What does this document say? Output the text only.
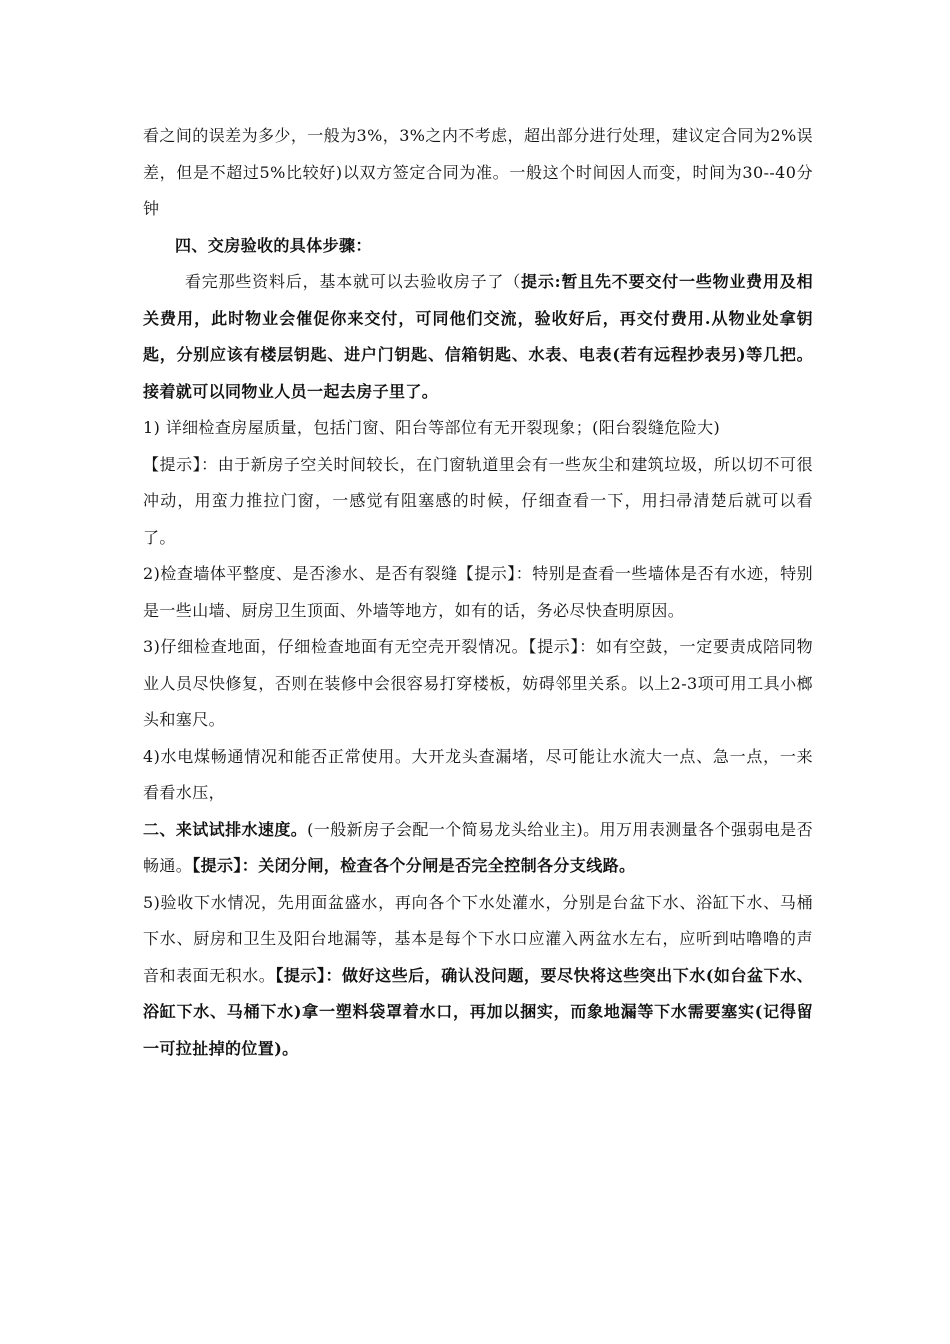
看之间的误差为多少，一般为3%，3%之内不考虑，超出部分进行处理，建议定合同为2%误差，但是不超过5%比较好)以双方签定合同为准。一般这个时间因人而变，时间为30--40分钟

四、交房验收的具体步骤：

看完那些资料后，基本就可以去验收房子了（提示:暂且先不要交付一些物业费用及相关费用，此时物业会催促你来交付，可同他们交流，验收好后，再交付费用.从物业处拿钥匙，分别应该有楼层钥匙、进户门钥匙、信箱钥匙、水表、电表(若有远程抄表另)等几把。接着就可以同物业人员一起去房子里了。

1) 详细检查房屋质量，包括门窗、阳台等部位有无开裂现象；(阳台裂缝危险大)

【提示】：由于新房子空关时间较长，在门窗轨道里会有一些灰尘和建筑垃圾，所以切不可很冲动，用蛮力推拉门窗，一感觉有阻塞感的时候，仔细查看一下，用扫帚清楚后就可以看了。

2)检查墙体平整度、是否渗水、是否有裂缝【提示】：特别是查看一些墙体是否有水迹，特别是一些山墙、厨房卫生顶面、外墙等地方，如有的话，务必尽快查明原因。

3)仔细检查地面，仔细检查地面有无空壳开裂情况。【提示】：如有空鼓，一定要责成陪同物业人员尽快修复，否则在装修中会很容易打穿楼板，妨碍邻里关系。以上2-3项可用工具小榔头和塞尺。

4)水电煤畅通情况和能否正常使用。大开龙头查漏堵，尽可能让水流大一点、急一点，一来看看水压，

二、来试试排水速度。(一般新房子会配一个简易龙头给业主)。用万用表测量各个强弱电是否畅通。【提示】：关闭分闸，检查各个分闸是否完全控制各分支线路。

5)验收下水情况，先用面盆盛水，再向各个下水处灌水，分别是台盆下水、浴缸下水、马桶下水、厨房和卫生及阳台地漏等，基本是每个下水口应灌入两盆水左右，应听到咕噜噜的声音和表面无积水。【提示】：做好这些后，确认没问题，要尽快将这些突出下水(如台盆下水、浴缸下水、马桶下水)拿一塑料袋罩着水口，再加以捆实，而象地漏等下水需要塞实(记得留一可拉扯掉的位置)。
